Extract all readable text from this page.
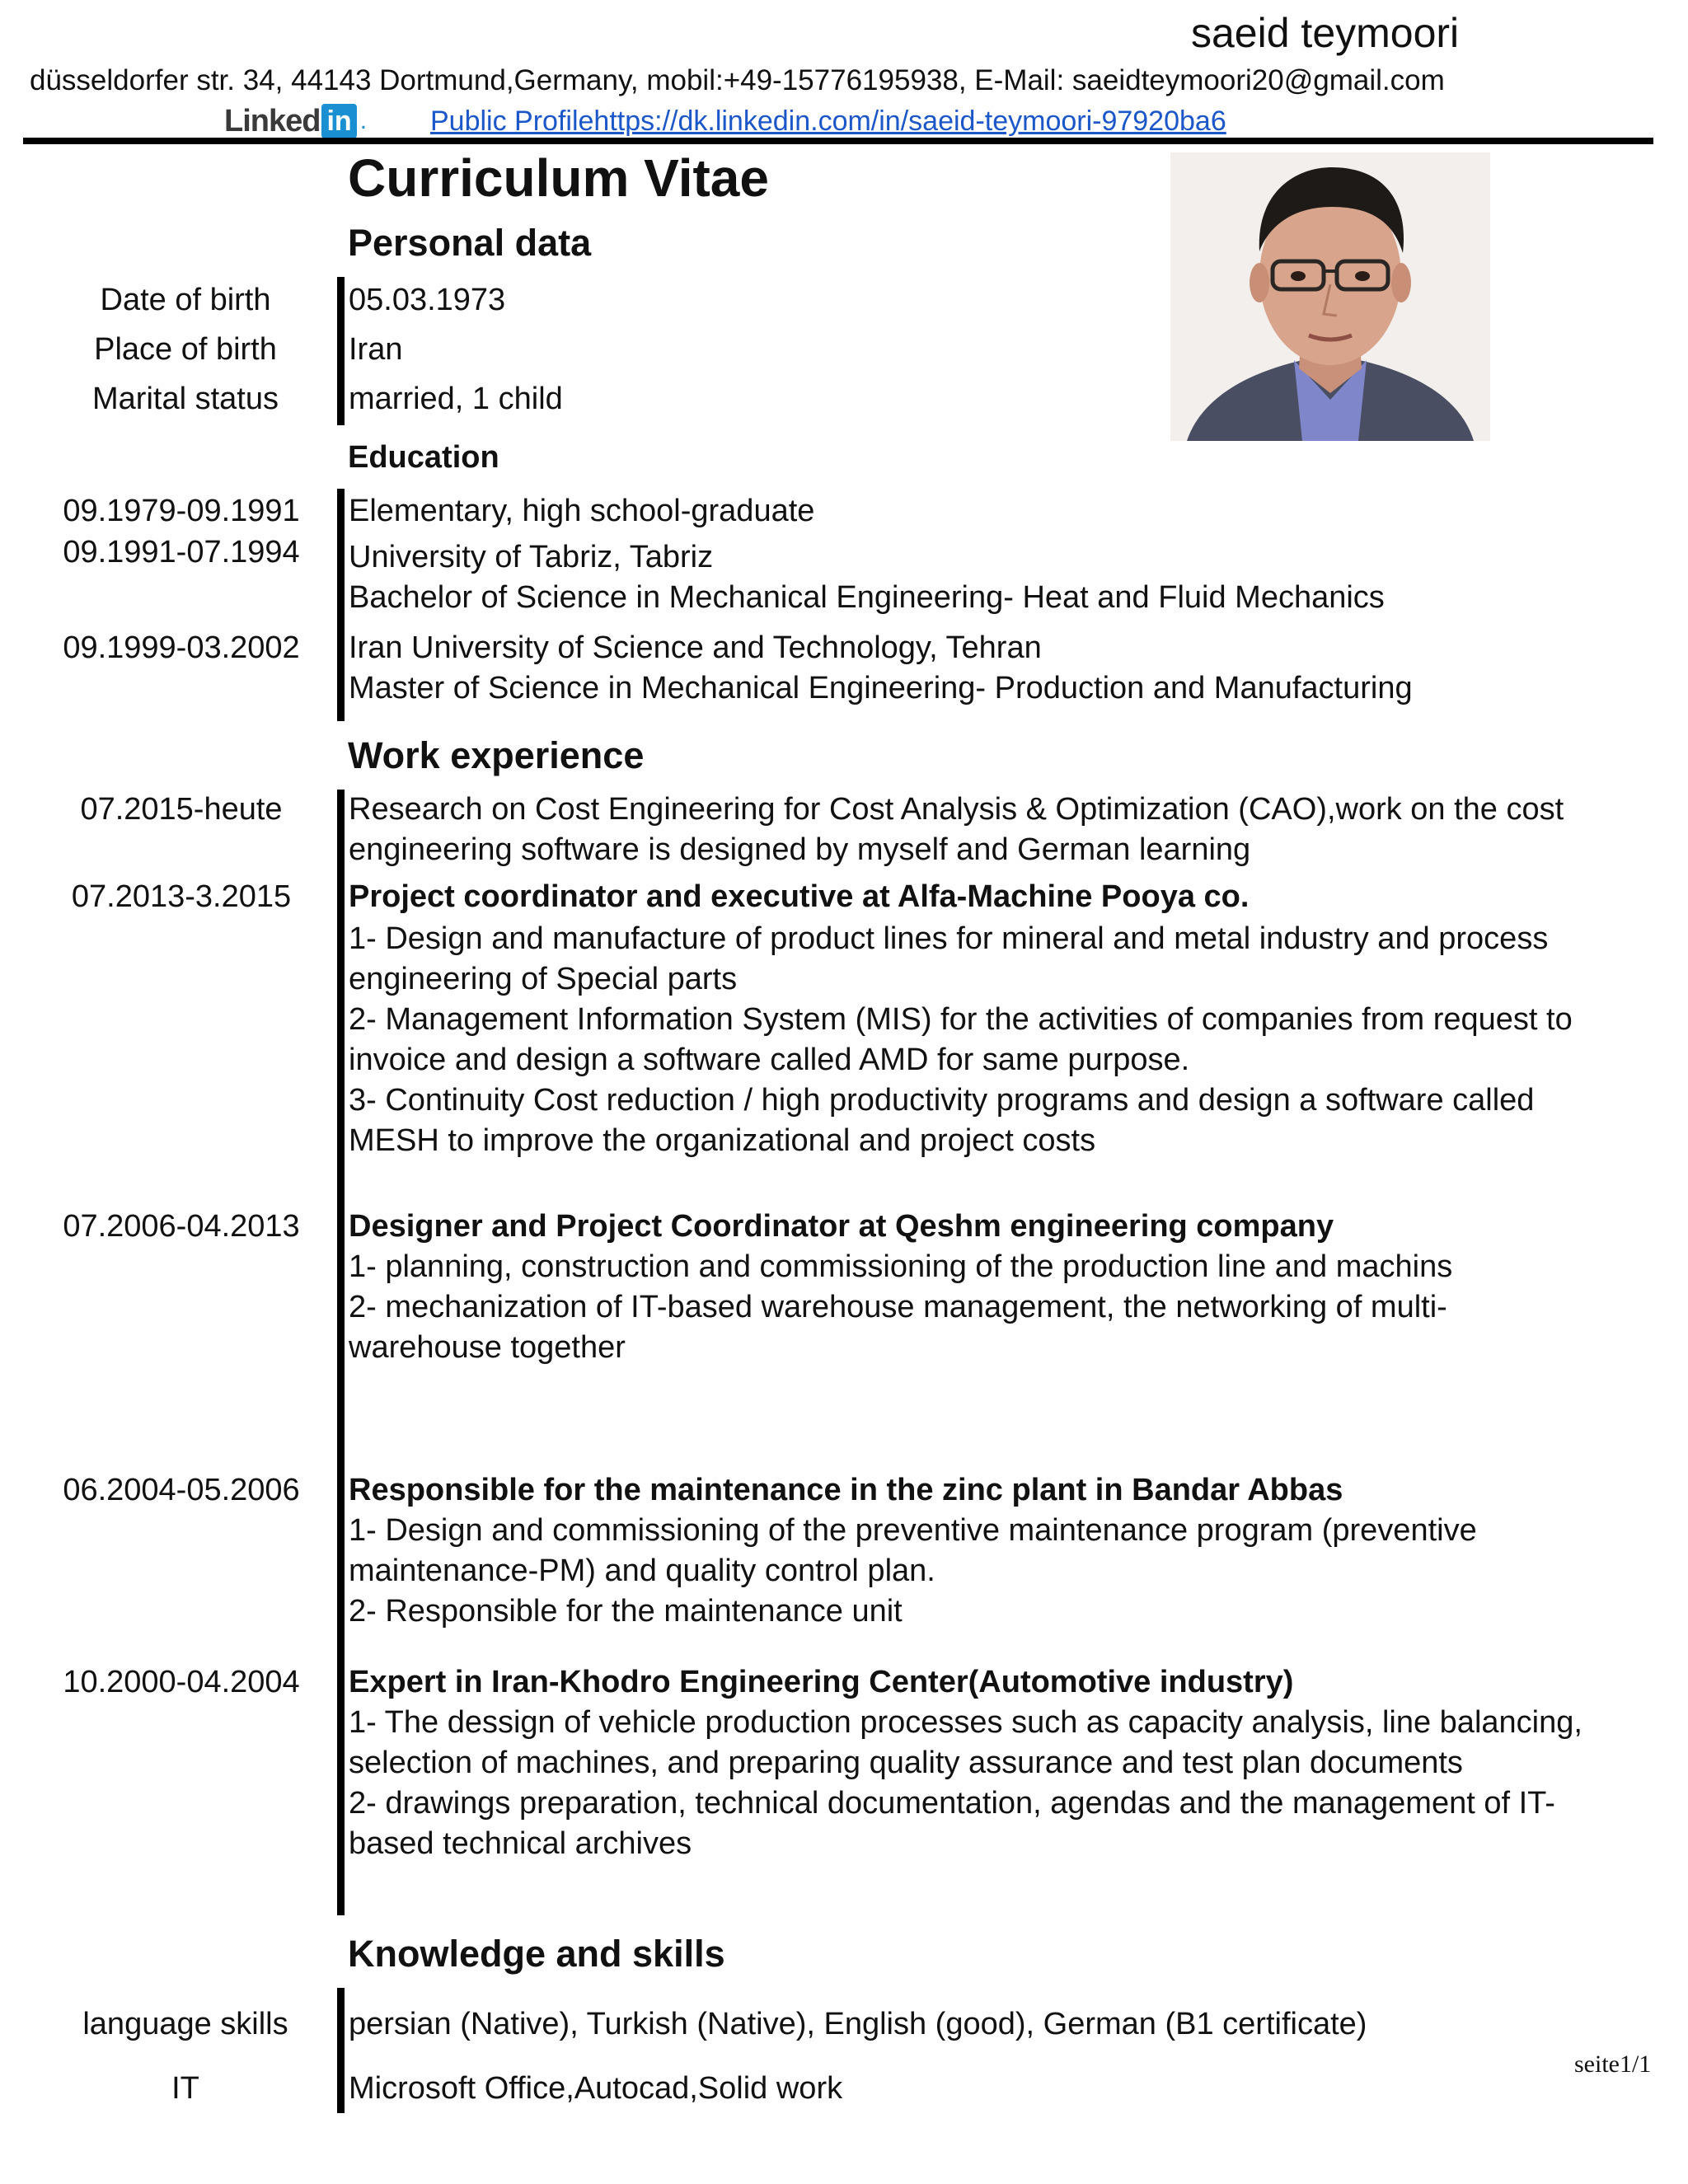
saeid teymoori
düsseldorfer str. 34, 44143 Dortmund,Germany, mobil:+49-15776195938, E-Mail: saeidteymoori20@gmail.com
Linked in . Public Profilehttps://dk.linkedin.com/in/saeid-teymoori-97920ba6
Curriculum Vitae
Personal data
Date of birth	05.03.1973
Place of birth	Iran
Marital status	married, 1 child
Education
09.1979-09.1991	Elementary, high school-graduate
09.1991-07.1994	University of Tabriz, Tabriz
Bachelor of Science in Mechanical Engineering- Heat and Fluid Mechanics
09.1999-03.2002	Iran University of Science and Technology, Tehran
Master of Science in Mechanical Engineering- Production and Manufacturing
Work experience
07.2015-heute	Research on Cost Engineering for Cost Analysis & Optimization (CAO),work on the cost
engineering software is designed by myself and German learning
07.2013-3.2015	Project coordinator and executive at Alfa-Machine Pooya co.
1- Design and manufacture of product lines for mineral and metal industry and process
engineering of Special parts
2- Management Information System (MIS) for the activities of companies from request to
invoice and design a software called AMD for same purpose.
3- Continuity Cost reduction / high productivity programs and design a software called
MESH to improve the organizational and project costs
07.2006-04.2013	Designer and Project Coordinator at Qeshm engineering company
1- planning, construction and commissioning of the production line and machins
2- mechanization of IT-based warehouse management, the networking of multi-
warehouse together
06.2004-05.2006	Responsible for the maintenance in the zinc plant in Bandar Abbas
1- Design and commissioning of the preventive maintenance program (preventive
maintenance-PM) and quality control plan.
2- Responsible for the maintenance unit
10.2000-04.2004	Expert in Iran-Khodro Engineering Center(Automotive industry)
1- The dessign of vehicle production processes such as capacity analysis, line balancing,
selection of machines, and preparing quality assurance and test plan documents
2- drawings preparation, technical documentation, agendas and the management of IT-
based technical archives
Knowledge and skills
language skills	persian (Native), Turkish (Native), English (good), German (B1 certificate)
IT	Microsoft Office,Autocad,Solid work
seite1/1
